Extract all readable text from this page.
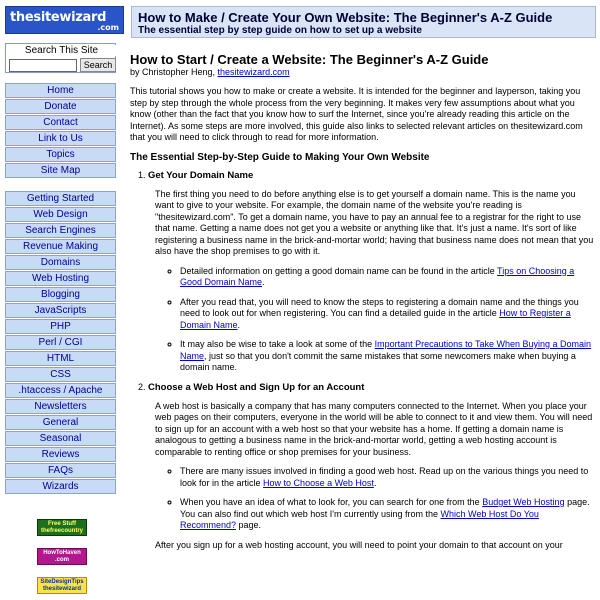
thesitewizard
.com
How to Make / Create Your Own Website: The Beginner's A-Z Guide
The essential step by step guide on how to set up a website
Search This Site
Search
Home
Donate
Contact
Link to Us
Topics
Site Map
Getting Started
Web Design
Search Engines
Revenue Making
Domains
Web Hosting
Blogging
JavaScripts
PHP
Perl / CGI
HTML
CSS
.htaccess / Apache
Newsletters
General
Seasonal
Reviews
FAQs
Wizards
Free Stuff
thefreecountry
HowToHaven
.com
SiteDesignTips
thesitewizard
How to Start / Create a Website: The Beginner's A-Z Guide

by Christopher Heng, thesitewizard.com

This tutorial shows you how to make or create a website. It is intended for the beginner and layperson, taking you step by step through the whole process from the very beginning. It makes very few assumptions about what you know (other than the fact that you know how to surf the Internet, since you're already reading this article on the Internet). As some steps are more involved, this guide also links to selected relevant articles on thesitewizard.com that you will need to click through to read for more information.

The Essential Step-by-Step Guide to Making Your Own Website
1. Get Your Domain Name

The first thing you need to do before anything else is to get yourself a domain name. This is the name you want to give to your website. For example, the domain name of the website you're reading is "thesitewizard.com". To get a domain name, you have to pay an annual fee to a registrar for the right to use that name. Getting a name does not get you a website or anything like that. It's just a name. It's sort of like registering a business name in the brick-and-mortar world; having that business name does not mean that you also have the shop premises to go with it.

◦ Detailed information on getting a good domain name can be found in the article Tips on Choosing a Good Domain Name.
◦ After you read that, you will need to know the steps to registering a domain name and the things you need to look out for when registering. You can find a detailed guide in the article How to Register a Domain Name.
◦ It may also be wise to take a look at some of the Important Precautions to Take When Buying a Domain Name, just so that you don't commit the same mistakes that some newcomers make when buying a domain name.
2. Choose a Web Host and Sign Up for an Account

A web host is basically a company that has many computers connected to the Internet. When you place your web pages on their computers, everyone in the world will be able to connect to it and view them. You will need to sign up for an account with a web host so that your website has a home. If getting a domain name is analogous to getting a business name in the brick-and-mortar world, getting a web hosting account is comparable to renting office or shop premises for your business.

◦ There are many issues involved in finding a good web host. Read up on the various things you need to look for in the article How to Choose a Web Host.
◦ When you have an idea of what to look for, you can search for one from the Budget Web Hosting page. You can also find out which web host I'm currently using from the Which Web Host Do You Recommend? page.

After you sign up for a web hosting account, you will need to point your domain to that account on your
